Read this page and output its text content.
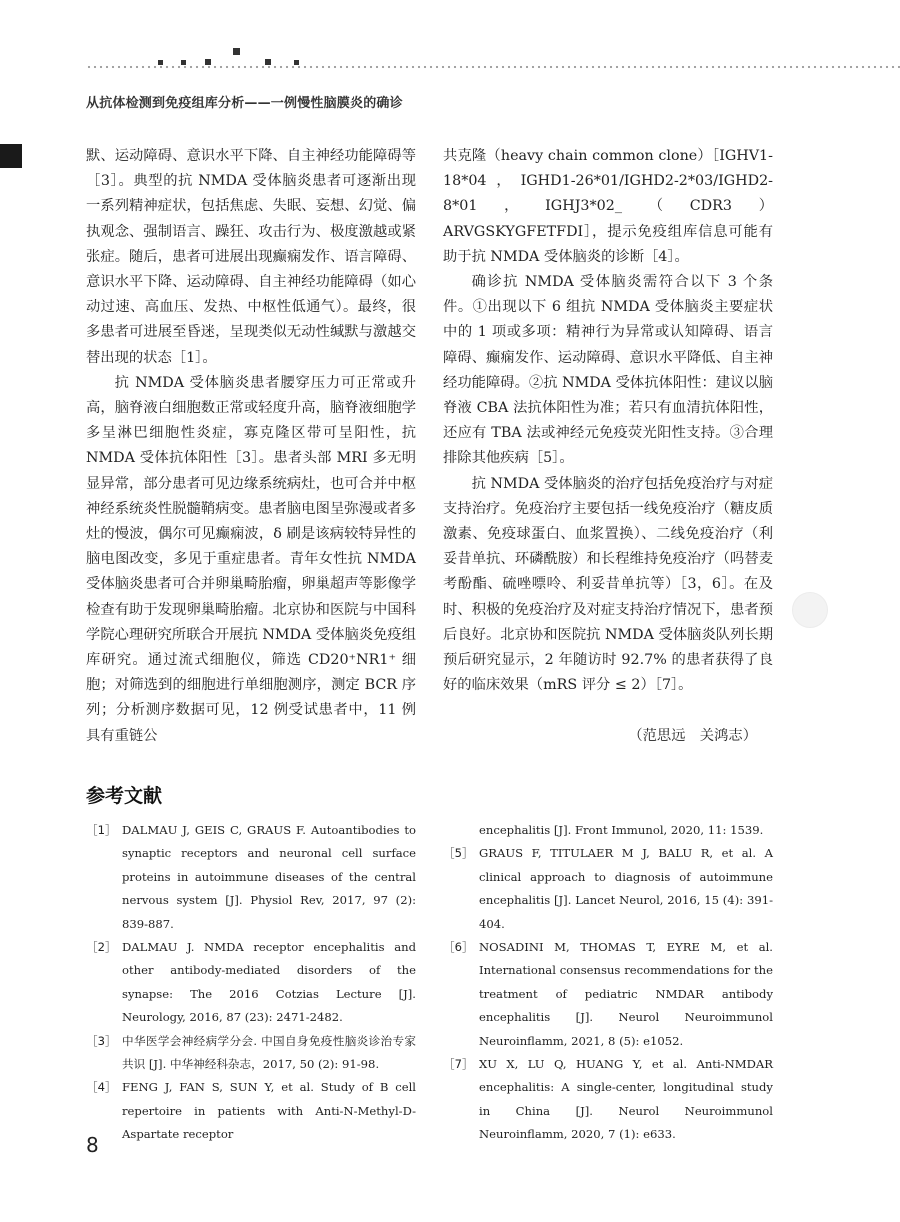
从抗体检测到免疫组库分析——一例慢性脑膜炎的确诊

默、运动障碍、意识水平下降、自主神经功能障碍等［3］。典型的抗 NMDA 受体脑炎患者可逐渐出现一系列精神症状，包括焦虑、失眠、妄想、幻觉、偏执观念、强制语言、躁狂、攻击行为、极度激越或紧张症。随后，患者可进展出现癫痫发作、语言障碍、意识水平下降、运动障碍、自主神经功能障碍（如心动过速、高血压、发热、中枢性低通气）。最终，很多患者可进展至昏迷，呈现类似无动性缄默与激越交替出现的状态［1］。

抗 NMDA 受体脑炎患者腰穿压力可正常或升高，脑脊液白细胞数正常或轻度升高，脑脊液细胞学多呈淋巴细胞性炎症，寡克隆区带可呈阳性，抗 NMDA 受体抗体阳性［3］。患者头部 MRI 多无明显异常，部分患者可见边缘系统病灶，也可合并中枢神经系统炎性脱髓鞘病变。患者脑电图呈弥漫或者多灶的慢波，偶尔可见癫痫波，δ 刷是该病较特异性的脑电图改变，多见于重症患者。青年女性抗 NMDA 受体脑炎患者可合并卵巢畸胎瘤，卵巢超声等影像学检查有助于发现卵巢畸胎瘤。北京协和医院与中国科学院心理研究所联合开展抗 NMDA 受体脑炎免疫组库研究。通过流式细胞仪，筛选 CD20⁺NR1⁺ 细胞；对筛选到的细胞进行单细胞测序，测定 BCR 序列；分析测序数据可见，12 例受试患者中，11 例具有重链公

共克隆（heavy chain common clone）［IGHV1-18*04，IGHD1-26*01/IGHD2-2*03/IGHD2-8*01，IGHJ3*02_（CDR3）ARVGSKYGFETFDI］，提示免疫组库信息可能有助于抗 NMDA 受体脑炎的诊断［4］。

确诊抗 NMDA 受体脑炎需符合以下 3 个条件。①出现以下 6 组抗 NMDA 受体脑炎主要症状中的 1 项或多项：精神行为异常或认知障碍、语言障碍、癫痫发作、运动障碍、意识水平降低、自主神经功能障碍。②抗 NMDA 受体抗体阳性：建议以脑脊液 CBA 法抗体阳性为准；若只有血清抗体阳性，还应有 TBA 法或神经元免疫荧光阳性支持。③合理排除其他疾病［5］。

抗 NMDA 受体脑炎的治疗包括免疫治疗与对症支持治疗。免疫治疗主要包括一线免疫治疗（糖皮质激素、免疫球蛋白、血浆置换）、二线免疫治疗（利妥昔单抗、环磷酰胺）和长程维持免疫治疗（吗替麦考酚酯、硫唑嘌呤、利妥昔单抗等）［3，6］。在及时、积极的免疫治疗及对症支持治疗情况下，患者预后良好。北京协和医院抗 NMDA 受体脑炎队列长期预后研究显示，2 年随访时 92.7% 的患者获得了良好的临床效果（mRS 评分 ≤ 2）［7］。

（范思远　关鸿志）

参考文献
［1］ DALMAU J, GEIS C, GRAUS F. Autoantibodies to synaptic receptors and neuronal cell surface proteins in autoimmune diseases of the central nervous system [J]. Physiol Rev, 2017, 97 (2): 839-887.
［2］ DALMAU J. NMDA receptor encephalitis and other antibody-mediated disorders of the synapse: The 2016 Cotzias Lecture [J]. Neurology, 2016, 87 (23): 2471-2482.
［3］ 中华医学会神经病学分会. 中国自身免疫性脑炎诊治专家共识 [J]. 中华神经科杂志，2017, 50 (2): 91-98.
［4］ FENG J, FAN S, SUN Y, et al. Study of B cell repertoire in patients with Anti-N-Methyl-D-Aspartate receptor
encephalitis [J]. Front Immunol, 2020, 11: 1539.
［5］ GRAUS F, TITULAER M J, BALU R, et al. A clinical approach to diagnosis of autoimmune encephalitis [J]. Lancet Neurol, 2016, 15 (4): 391-404.
［6］ NOSADINI M, THOMAS T, EYRE M, et al. International consensus recommendations for the treatment of pediatric NMDAR antibody encephalitis [J]. Neurol Neuroimmunol Neuroinflamm, 2021, 8 (5): e1052.
［7］ XU X, LU Q, HUANG Y, et al. Anti-NMDAR encephalitis: A single-center, longitudinal study in China [J]. Neurol Neuroimmunol Neuroinflamm, 2020, 7 (1): e633.
8
